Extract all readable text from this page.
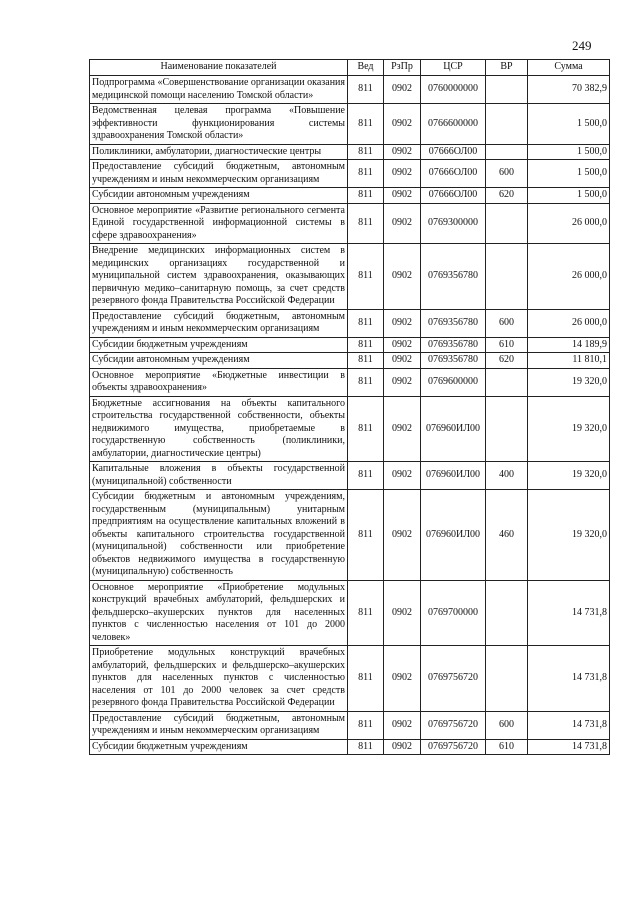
249
Наименование показателей	Вед	РзПр	ЦСР	ВР	Сумма
Подпрограмма «Совершенствование организации оказания медицинской помощи населению Томской области»	811	0902	0760000000		70 382,9
Ведомственная целевая программа «Повышение эффективности функционирования системы здравоохранения Томской области»	811	0902	0766600000		1 500,0
Поликлиники, амбулатории, диагностические центры	811	0902	07666ОЛ00		1 500,0
Предоставление субсидий бюджетным, автономным учреждениям и иным некоммерческим организациям	811	0902	07666ОЛ00	600	1 500,0
Субсидии автономным учреждениям	811	0902	07666ОЛ00	620	1 500,0
Основное мероприятие «Развитие регионального сегмента Единой государственной информационной системы в сфере здравоохранения»	811	0902	0769300000		26 000,0
Внедрение медицинских информационных систем в медицинских организациях государственной и муниципальной систем здравоохранения, оказывающих первичную медико–санитарную помощь, за счет средств резервного фонда Правительства Российской Федерации	811	0902	0769356780		26 000,0
Предоставление субсидий бюджетным, автономным учреждениям и иным некоммерческим организациям	811	0902	0769356780	600	26 000,0
Субсидии бюджетным учреждениям	811	0902	0769356780	610	14 189,9
Субсидии автономным учреждениям	811	0902	0769356780	620	11 810,1
Основное мероприятие «Бюджетные инвестиции в объекты здравоохранения»	811	0902	0769600000		19 320,0
Бюджетные ассигнования на объекты капитального строительства государственной собственности, объекты недвижимого имущества, приобретаемые в государственную собственность (поликлиники, амбулатории, диагностические центры)	811	0902	076960ИЛ00		19 320,0
Капитальные вложения в объекты государственной (муниципальной) собственности	811	0902	076960ИЛ00	400	19 320,0
Субсидии бюджетным и автономным учреждениям, государственным (муниципальным) унитарным предприятиям на осуществление капитальных вложений в объекты капитального строительства государственной (муниципальной) собственности или приобретение объектов недвижимого имущества в государственную (муниципальную) собственность	811	0902	076960ИЛ00	460	19 320,0
Основное мероприятие «Приобретение модульных конструкций врачебных амбулаторий, фельдшерских и фельдшерско–акушерских пунктов для населенных пунктов с численностью населения от 101 до 2000 человек»	811	0902	0769700000		14 731,8
Приобретение модульных конструкций врачебных амбулаторий, фельдшерских и фельдшерско–акушерских пунктов для населенных пунктов с численностью населения от 101 до 2000 человек за счет средств резервного фонда Правительства Российской Федерации	811	0902	0769756720		14 731,8
Предоставление субсидий бюджетным, автономным учреждениям и иным некоммерческим организациям	811	0902	0769756720	600	14 731,8
Субсидии бюджетным учреждениям	811	0902	0769756720	610	14 731,8
